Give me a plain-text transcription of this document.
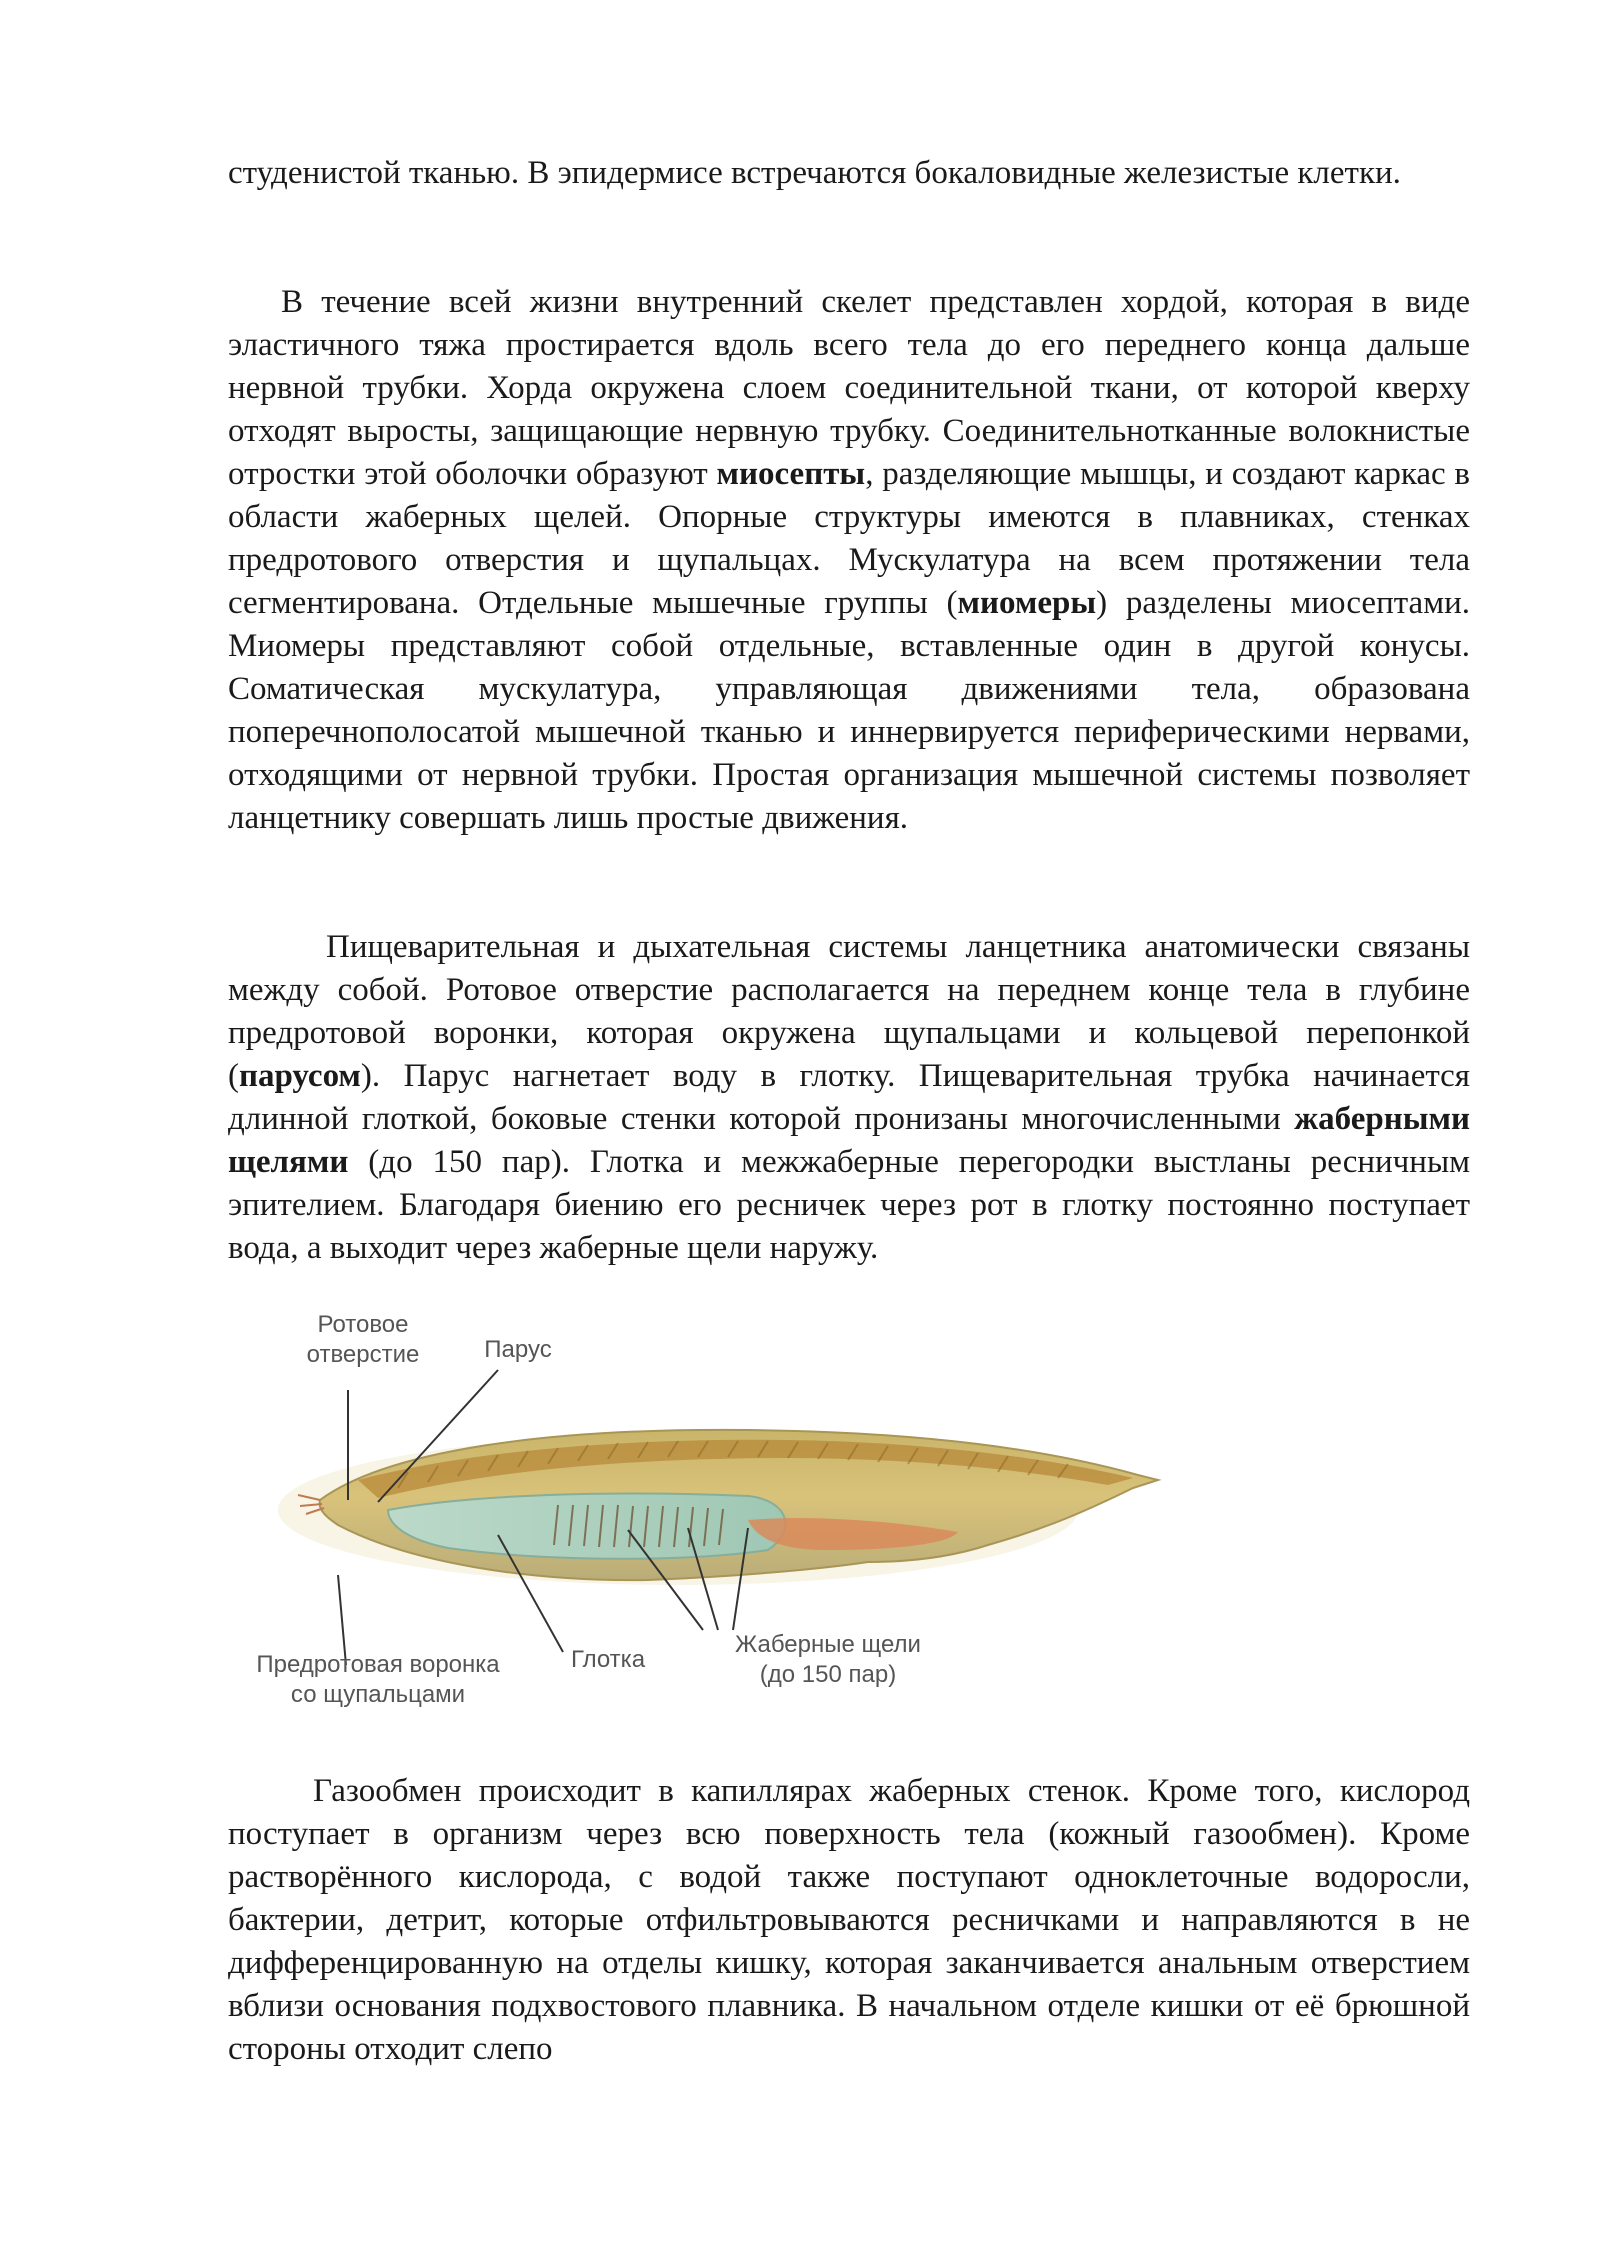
студенистой тканью. В эпидермисе встречаются бокаловидные железистые клетки.

В течение всей жизни внутренний скелет представлен хордой, которая в виде эластичного тяжа простирается вдоль всего тела до его переднего конца дальше нервной трубки. Хорда окружена слоем соединительной ткани, от которой кверху отходят выросты, защищающие нервную трубку. Соединительнотканные волокнистые отростки этой оболочки образуют миосепты, разделяющие мышцы, и создают каркас в области жаберных щелей. Опорные структуры имеются в плавниках, стенках предротового отверстия и щупальцах. Мускулатура на всем протяжении тела сегментирована. Отдельные мышечные группы (миомеры) разделены миосептами. Миомеры представляют собой отдельные, вставленные один в другой конусы. Соматическая мускулатура, управляющая движениями тела, образована поперечнополосатой мышечной тканью и иннервируется периферическими нервами, отходящими от нервной трубки. Простая организация мышечной системы позволяет ланцетнику совершать лишь простые движения.

Пищеварительная и дыхательная системы ланцетника анатомически связаны между собой. Ротовое отверстие располагается на переднем конце тела в глубине предротовой воронки, которая окружена щупальцами и кольцевой перепонкой (парусом). Парус нагнетает воду в глотку. Пищеварительная трубка начинается длинной глоткой, боковые стенки которой пронизаны многочисленными жаберными щелями (до 150 пар). Глотка и межжаберные перегородки выстланы ресничным эпителием. Благодаря биению его ресничек через рот в глотку постоянно поступает вода, а выходит через жаберные щели наружу.

Ротовое
отверстие	Парус
Предротовая воронка
со щупальцами
Глотка
Жаберные щели
(до 150 пар)

Газообмен происходит в капиллярах жаберных стенок. Кроме того, кислород поступает в организм через всю поверхность тела (кожный газообмен). Кроме растворённого кислорода, с водой также поступают одноклеточные водоросли, бактерии, детрит, которые отфильтровываются ресничками и направляются в не дифференцированную на отделы кишку, которая заканчивается анальным отверстием вблизи основания подхвостового плавника. В начальном отделе кишки от её брюшной стороны отходит слепо
